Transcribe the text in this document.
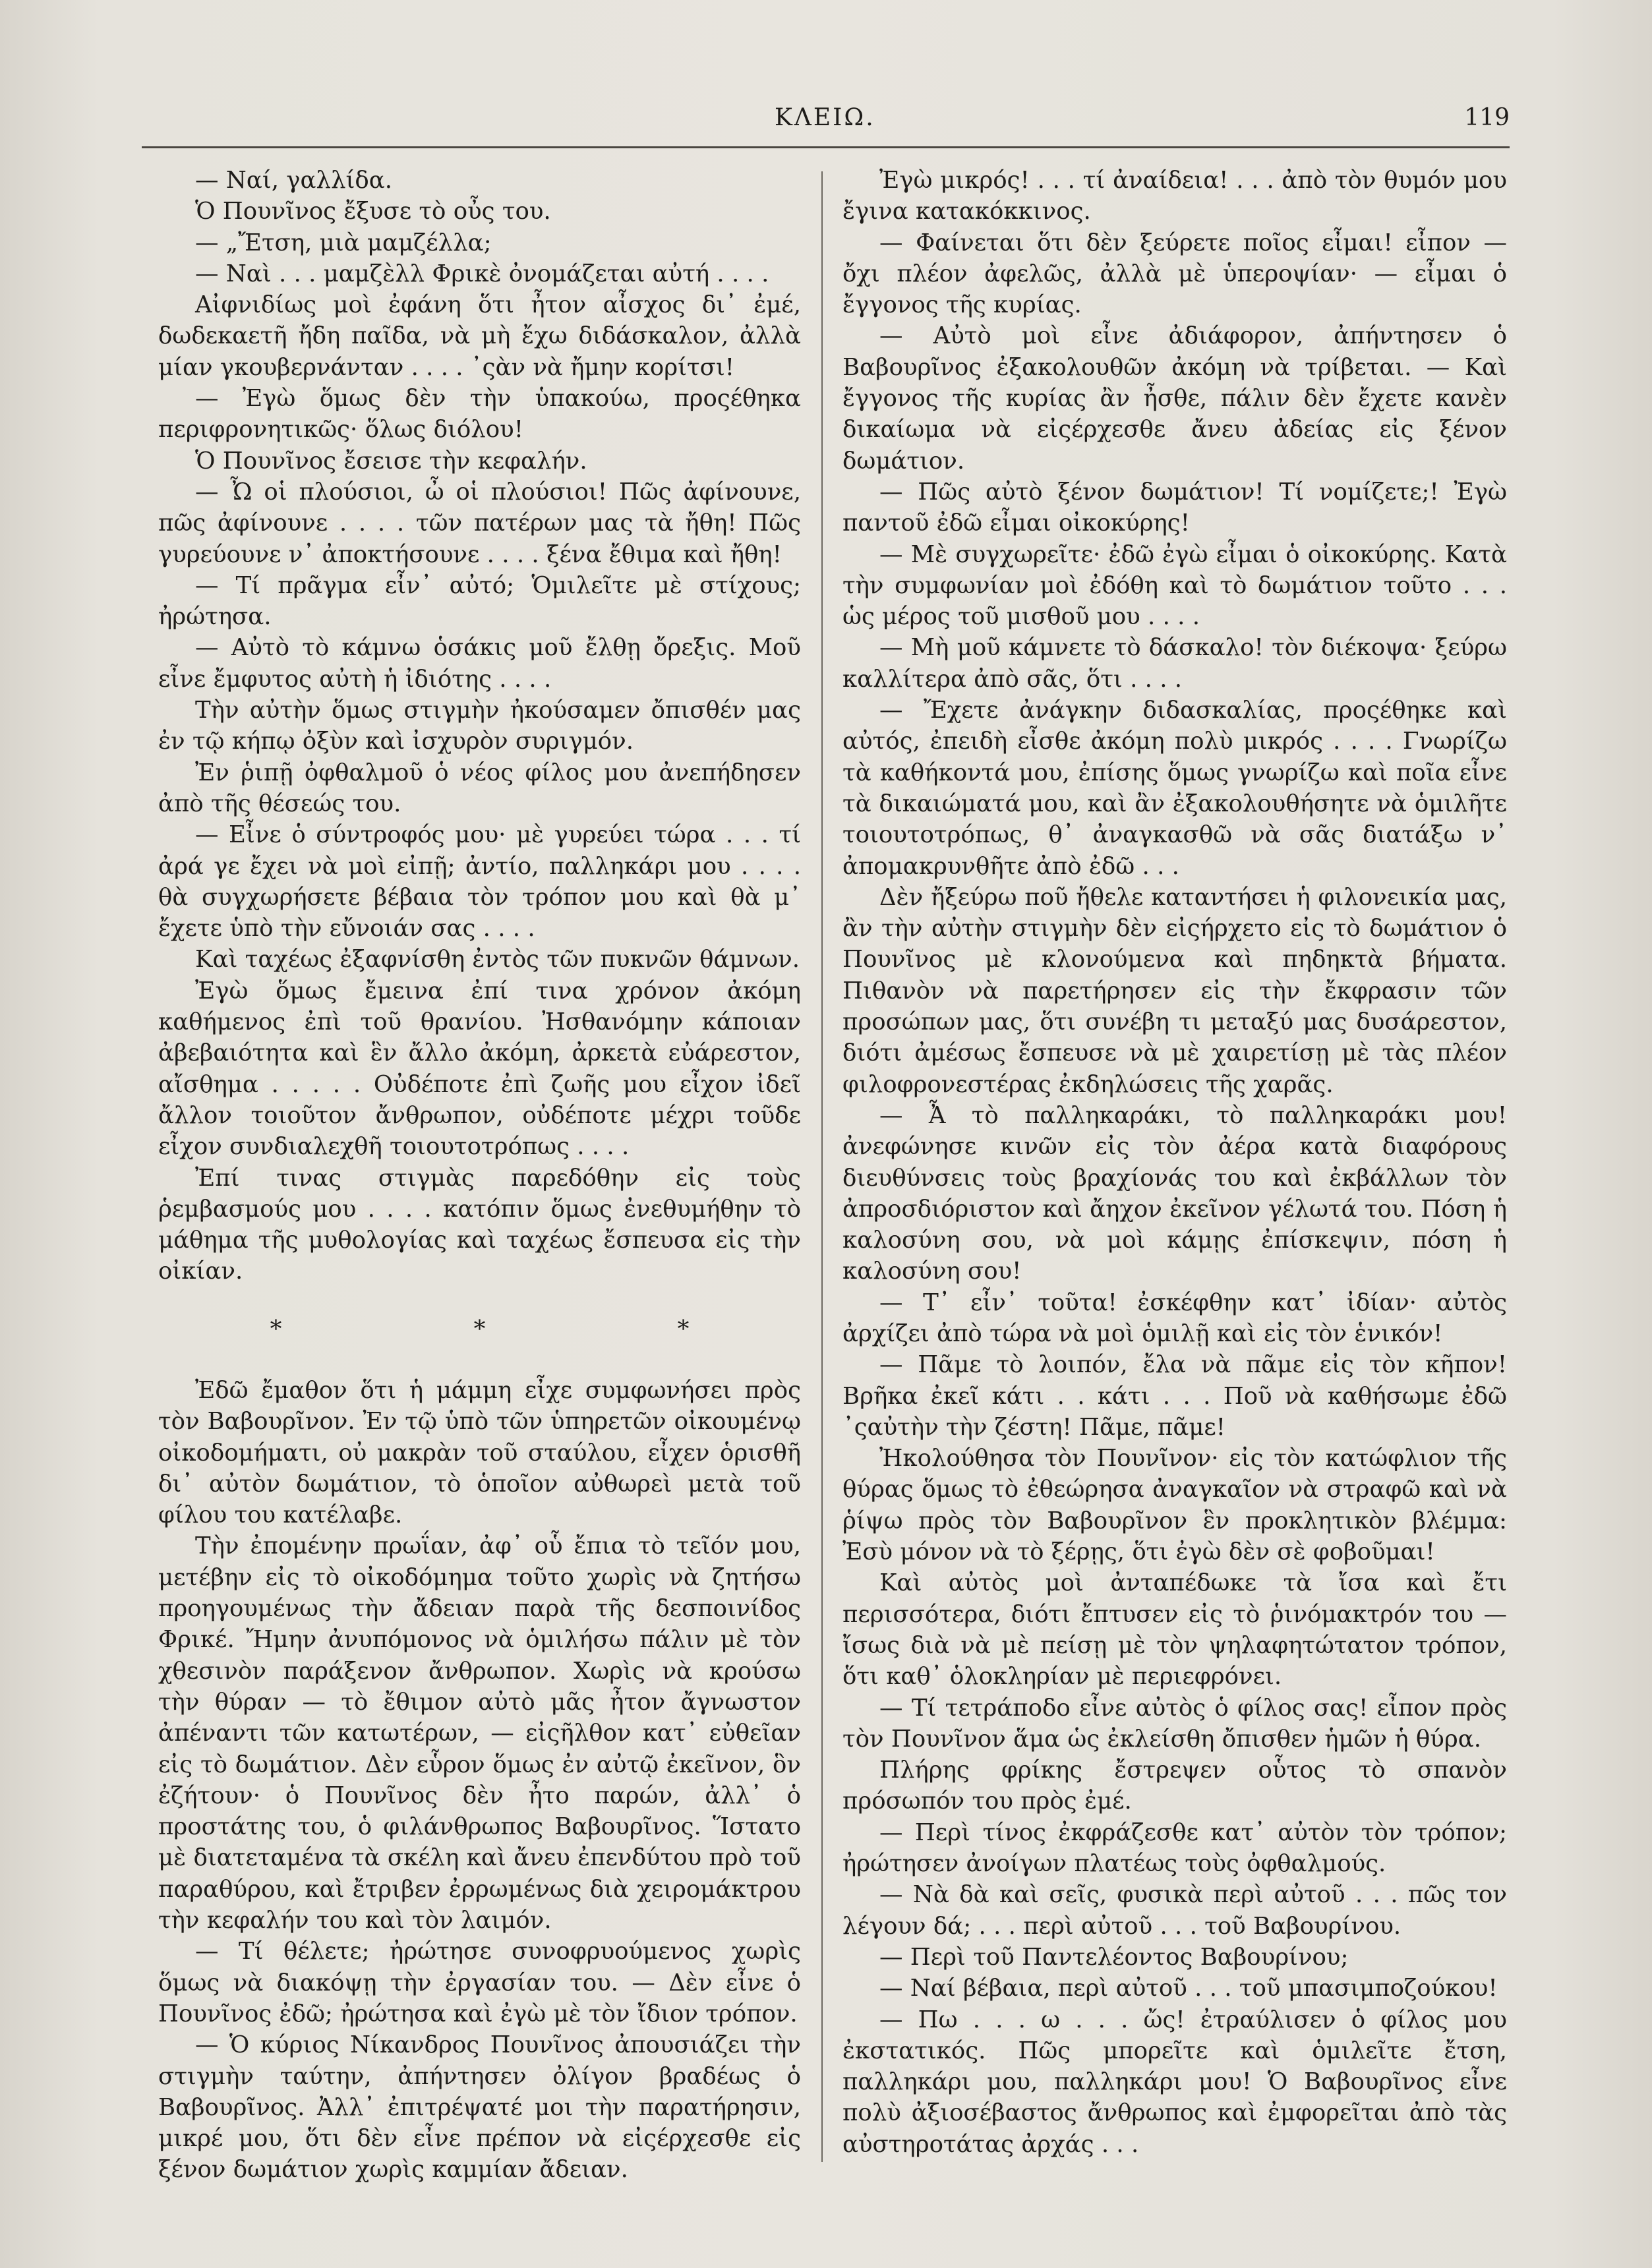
ΚΛΕΙΩ.	119

— Ναί, γαλλίδα.

Ὁ Πουνῖνος ἔξυσε τὸ οὖς του.

— „Ἔτση, μιὰ μαμζέλλα;

— Ναὶ . . . μαμζὲλλ Φρικὲ ὀνομάζεται αὐτή . . . .

Αἰφνιδίως μοὶ ἐφάνη ὅτι ἦτον αἶσχος δι᾽ ἐμέ, δωδεκαετῆ ἤδη παῖδα, νὰ μὴ ἔχω διδάσκαλον, ἀλλὰ μίαν γκουβερνάνταν . . . . ᾽ςὰν νὰ ἤμην κορίτσι!

— Ἐγὼ ὅμως δὲν τὴν ὑπακούω, προςέθηκα περιφρονητικῶς· ὅλως διόλου!

Ὁ Πουνῖνος ἔσεισε τὴν κεφαλήν.

— Ὦ οἱ πλούσιοι, ὦ οἱ πλούσιοι! Πῶς ἀφίνουνε, πῶς ἀφίνουνε . . . . τῶν πατέρων μας τὰ ἤθη! Πῶς γυρεύουνε ν᾽ ἀποκτήσουνε . . . . ξένα ἔθιμα καὶ ἤθη!

— Τί πρᾶγμα εἶν᾽ αὐτό; Ὁμιλεῖτε μὲ στίχους; ἠρώτησα.

— Αὐτὸ τὸ κάμνω ὁσάκις μοῦ ἔλθῃ ὄρεξις. Μοῦ εἶνε ἔμφυτος αὐτὴ ἡ ἰδιότης . . . .

Τὴν αὐτὴν ὅμως στιγμὴν ἠκούσαμεν ὄπισθέν μας ἐν τῷ κήπῳ ὀξὺν καὶ ἰσχυρὸν συριγμόν.

Ἐν ῥιπῇ ὀφθαλμοῦ ὁ νέος φίλος μου ἀνεπήδησεν ἀπὸ τῆς θέσεώς του.

— Εἶνε ὁ σύντροφός μου· μὲ γυρεύει τώρα . . . τί ἀρά γε ἔχει νὰ μοὶ εἰπῇ; ἀντίο, παλληκάρι μου . . . . θὰ συγχωρήσετε βέβαια τὸν τρόπον μου καὶ θὰ μ᾽ ἔχετε ὑπὸ τὴν εὔνοιάν σας . . . .

Καὶ ταχέως ἐξαφνίσθη ἐντὸς τῶν πυκνῶν θάμνων.

Ἐγὼ ὅμως ἔμεινα ἐπί τινα χρόνον ἀκόμη καθήμενος ἐπὶ τοῦ θρανίου. Ἠσθανόμην κάποιαν ἀβεβαιότητα καὶ ἓν ἄλλο ἀκόμη, ἀρκετὰ εὐάρεστον, αἴσθημα . . . . . Οὐδέποτε ἐπὶ ζωῆς μου εἶχον ἰδεῖ ἄλλον τοιοῦτον ἄνθρωπον, οὐδέποτε μέχρι τοῦδε εἶχον συνδιαλεχθῆ τοιουτοτρόπως . . . .

Ἐπί τινας στιγμὰς παρεδόθην εἰς τοὺς ῥεμβασμούς μου . . . . κατόπιν ὅμως ἐνεθυμήθην τὸ μάθημα τῆς μυθολογίας καὶ ταχέως ἔσπευσα εἰς τὴν οἰκίαν.

* * *

Ἐδῶ ἔμαθον ὅτι ἡ μάμμη εἶχε συμφωνήσει πρὸς τὸν Βαβουρῖνον. Ἐν τῷ ὑπὸ τῶν ὑπηρετῶν οἰκουμένῳ οἰκοδομήματι, οὐ μακρὰν τοῦ σταύλου, εἶχεν ὁρισθῆ δι᾽ αὐτὸν δωμάτιον, τὸ ὁποῖον αὐθωρεὶ μετὰ τοῦ φίλου του κατέλαβε.

Τὴν ἐπομένην πρωΐαν, ἀφ᾽ οὗ ἔπια τὸ τεῖόν μου, μετέβην εἰς τὸ οἰκοδόμημα τοῦτο χωρὶς νὰ ζητήσω προηγουμένως τὴν ἄδειαν παρὰ τῆς δεσποινίδος Φρικέ. Ἤμην ἀνυπόμονος νὰ ὁμιλήσω πάλιν μὲ τὸν χθεσινὸν παράξενον ἄνθρωπον. Χωρὶς νὰ κρούσω τὴν θύραν — τὸ ἔθιμον αὐτὸ μᾶς ἦτον ἄγνωστον ἀπέναντι τῶν κατωτέρων, — εἰςῆλθον κατ᾽ εὐθεῖαν εἰς τὸ δωμάτιον. Δὲν εὗρον ὅμως ἐν αὐτῷ ἐκεῖνον, ὃν ἐζήτουν· ὁ Πουνῖνος δὲν ἦτο παρών, ἀλλ᾽ ὁ προστάτης του, ὁ φιλάνθρωπος Βαβουρῖνος. Ἵστατο μὲ διατεταμένα τὰ σκέλη καὶ ἄνευ ἐπενδύτου πρὸ τοῦ παραθύρου, καὶ ἔτριβεν ἐρρωμένως διὰ χειρομάκτρου τὴν κεφαλήν του καὶ τὸν λαιμόν.

— Τί θέλετε; ἠρώτησε συνοφρυούμενος χωρὶς ὅμως νὰ διακόψῃ τὴν ἐργασίαν του. — Δὲν εἶνε ὁ Πουνῖνος ἐδῶ; ἠρώτησα καὶ ἐγὼ μὲ τὸν ἴδιον τρόπον.

— Ὁ κύριος Νίκανδρος Πουνῖνος ἀπουσιάζει τὴν στιγμὴν ταύτην, ἀπήντησεν ὀλίγον βραδέως ὁ Βαβουρῖνος. Ἀλλ᾽ ἐπιτρέψατέ μοι τὴν παρατήρησιν, μικρέ μου, ὅτι δὲν εἶνε πρέπον νὰ εἰςέρχεσθε εἰς ξένον δωμάτιον χωρὶς καμμίαν ἄδειαν.

Ἐγὼ μικρός! . . . τί ἀναίδεια! . . . ἀπὸ τὸν θυμόν μου ἔγινα κατακόκκινος.

— Φαίνεται ὅτι δὲν ξεύρετε ποῖος εἶμαι! εἶπον — ὄχι πλέον ἀφελῶς, ἀλλὰ μὲ ὑπεροψίαν· — εἶμαι ὁ ἔγγονος τῆς κυρίας.

— Αὐτὸ μοὶ εἶνε ἀδιάφορον, ἀπήντησεν ὁ Βαβουρῖνος ἐξακολουθῶν ἀκόμη νὰ τρίβεται. — Καὶ ἔγγονος τῆς κυρίας ἂν ἦσθε, πάλιν δὲν ἔχετε κανὲν δικαίωμα νὰ εἰςέρχεσθε ἄνευ ἀδείας εἰς ξένον δωμάτιον.

— Πῶς αὐτὸ ξένον δωμάτιον! Τί νομίζετε;! Ἐγὼ παντοῦ ἐδῶ εἶμαι οἰκοκύρης!

— Μὲ συγχωρεῖτε· ἐδῶ ἐγὼ εἶμαι ὁ οἰκοκύρης. Κατὰ τὴν συμφωνίαν μοὶ ἐδόθη καὶ τὸ δωμάτιον τοῦτο . . . ὡς μέρος τοῦ μισθοῦ μου . . . .

— Μὴ μοῦ κάμνετε τὸ δάσκαλο! τὸν διέκοψα· ξεύρω καλλίτερα ἀπὸ σᾶς, ὅτι . . . .

— Ἔχετε ἀνάγκην διδασκαλίας, προςέθηκε καὶ αὐτός, ἐπειδὴ εἶσθε ἀκόμη πολὺ μικρός . . . . Γνωρίζω τὰ καθήκοντά μου, ἐπίσης ὅμως γνωρίζω καὶ ποῖα εἶνε τὰ δικαιώματά μου, καὶ ἂν ἐξακολουθήσητε νὰ ὁμιλῆτε τοιουτοτρόπως, θ᾽ ἀναγκασθῶ νὰ σᾶς διατάξω ν᾽ ἀπομακρυνθῆτε ἀπὸ ἐδῶ . . .

Δὲν ἤξεύρω ποῦ ἤθελε καταντήσει ἡ φιλονεικία μας, ἂν τὴν αὐτὴν στιγμὴν δὲν εἰςήρχετο εἰς τὸ δωμάτιον ὁ Πουνῖνος μὲ κλονούμενα καὶ πηδηκτὰ βήματα. Πιθανὸν νὰ παρετήρησεν εἰς τὴν ἔκφρασιν τῶν προσώπων μας, ὅτι συνέβη τι μεταξύ μας δυσάρεστον, διότι ἀμέσως ἔσπευσε νὰ μὲ χαιρετίσῃ μὲ τὰς πλέον φιλοφρονεστέρας ἐκδηλώσεις τῆς χαρᾶς.

— Ἆ τὸ παλληκαράκι, τὸ παλληκαράκι μου! ἀνεφώνησε κινῶν εἰς τὸν ἀέρα κατὰ διαφόρους διευθύνσεις τοὺς βραχίονάς του καὶ ἐκβάλλων τὸν ἀπροσδιόριστον καὶ ἄηχον ἐκεῖνον γέλωτά του. Πόση ἡ καλοσύνη σου, νὰ μοὶ κάμῃς ἐπίσκεψιν, πόση ἡ καλοσύνη σου!

— Τ᾽ εἶν᾽ τοῦτα! ἐσκέφθην κατ᾽ ἰδίαν· αὐτὸς ἀρχίζει ἀπὸ τώρα νὰ μοὶ ὁμιλῇ καὶ εἰς τὸν ἑνικόν!

— Πᾶμε τὸ λοιπόν, ἔλα νὰ πᾶμε εἰς τὸν κῆπον! Βρῆκα ἐκεῖ κάτι . . κάτι . . . Ποῦ νὰ καθήσωμε ἐδῶ ᾽ςαὐτὴν τὴν ζέστη! Πᾶμε, πᾶμε!

Ἠκολούθησα τὸν Πουνῖνον· εἰς τὸν κατώφλιον τῆς θύρας ὅμως τὸ ἐθεώρησα ἀναγκαῖον νὰ στραφῶ καὶ νὰ ῥίψω πρὸς τὸν Βαβουρῖνον ἓν προκλητικὸν βλέμμα: Ἐσὺ μόνον νὰ τὸ ξέρῃς, ὅτι ἐγὼ δὲν σὲ φοβοῦμαι!

Καὶ αὐτὸς μοὶ ἀνταπέδωκε τὰ ἴσα καὶ ἔτι περισσότερα, διότι ἔπτυσεν εἰς τὸ ῥινόμακτρόν του — ἴσως διὰ νὰ μὲ πείσῃ μὲ τὸν ψηλαφητώτατον τρόπον, ὅτι καθ᾽ ὁλοκληρίαν μὲ περιεφρόνει.

— Τί τετράποδο εἶνε αὐτὸς ὁ φίλος σας! εἶπον πρὸς τὸν Πουνῖνον ἅμα ὡς ἐκλείσθη ὄπισθεν ἡμῶν ἡ θύρα.

Πλήρης φρίκης ἔστρεψεν οὗτος τὸ σπανὸν πρόσωπόν του πρὸς ἐμέ.

— Περὶ τίνος ἐκφράζεσθε κατ᾽ αὐτὸν τὸν τρόπον; ἠρώτησεν ἀνοίγων πλατέως τοὺς ὀφθαλμούς.

— Νὰ δὰ καὶ σεῖς, φυσικὰ περὶ αὐτοῦ . . . πῶς τον λέγουν δά; . . . περὶ αὐτοῦ . . . τοῦ Βαβουρίνου.

— Περὶ τοῦ Παντελέοντος Βαβουρίνου;

— Ναί βέβαια, περὶ αὐτοῦ . . . τοῦ μπασιμποζούκου!

— Πω . . . ω . . . ὤς! ἐτραύλισεν ὁ φίλος μου ἐκστατικός. Πῶς μπορεῖτε καὶ ὁμιλεῖτε ἔτση, παλληκάρι μου, παλληκάρι μου! Ὁ Βαβουρῖνος εἶνε πολὺ ἀξιοσέβαστος ἄνθρωπος καὶ ἐμφορεῖται ἀπὸ τὰς αὐστηροτάτας ἀρχάς . . .
